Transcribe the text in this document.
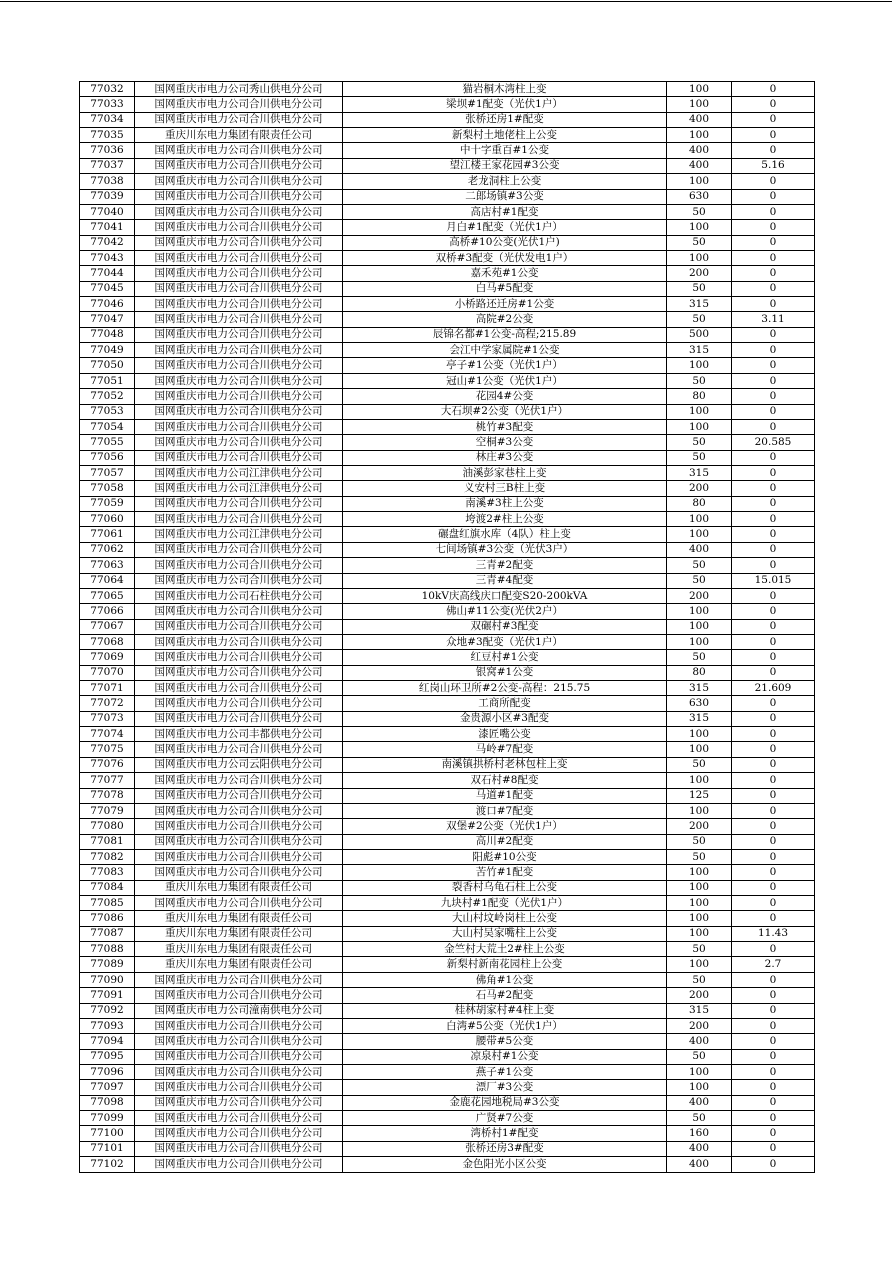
77032	国网重庆市电力公司秀山供电分公司	猫岩桐木湾柱上变	100	0
77033	国网重庆市电力公司合川供电分公司	梁坝#1配变（光伏1户）	100	0
77034	国网重庆市电力公司合川供电分公司	张桥还房1#配变	400	0
77035	重庆川东电力集团有限责任公司	新梨村土地佬柱上公变	100	0
77036	国网重庆市电力公司合川供电分公司	中十字重百#1公变	400	0
77037	国网重庆市电力公司合川供电分公司	望江楼王家花园#3公变	400	5.16
77038	国网重庆市电力公司合川供电分公司	老龙洞柱上公变	100	0
77039	国网重庆市电力公司合川供电分公司	二郎场镇#3公变	630	0
77040	国网重庆市电力公司合川供电分公司	高店村#1配变	50	0
77041	国网重庆市电力公司合川供电分公司	月白#1配变（光伏1户）	100	0
77042	国网重庆市电力公司合川供电分公司	高桥#10公变(光伏1户)	50	0
77043	国网重庆市电力公司合川供电分公司	双桥#3配变（光伏发电1户）	100	0
77044	国网重庆市电力公司合川供电分公司	嘉禾苑#1公变	200	0
77045	国网重庆市电力公司合川供电分公司	白马#5配变	50	0
77046	国网重庆市电力公司合川供电分公司	小桥路还迁房#1公变	315	0
77047	国网重庆市电力公司合川供电分公司	高院#2公变	50	3.11
77048	国网重庆市电力公司合川供电分公司	辰锦名都#1公变-高程;215.89	500	0
77049	国网重庆市电力公司合川供电分公司	会江中学家属院#1公变	315	0
77050	国网重庆市电力公司合川供电分公司	亭子#1公变（光伏1户）	100	0
77051	国网重庆市电力公司合川供电分公司	冠山#1公变（光伏1户）	50	0
77052	国网重庆市电力公司合川供电分公司	花园4#公变	80	0
77053	国网重庆市电力公司合川供电分公司	大石坝#2公变（光伏1户）	100	0
77054	国网重庆市电力公司合川供电分公司	桃竹#3配变	100	0
77055	国网重庆市电力公司合川供电分公司	空桐#3公变	50	20.585
77056	国网重庆市电力公司合川供电分公司	林庄#3公变	50	0
77057	国网重庆市电力公司江津供电分公司	油溪彭家巷柱上变	315	0
77058	国网重庆市电力公司江津供电分公司	义安村三B柱上变	200	0
77059	国网重庆市电力公司合川供电分公司	南溪#3柱上公变	80	0
77060	国网重庆市电力公司合川供电分公司	垮渡2#柱上公变	100	0
77061	国网重庆市电力公司江津供电分公司	碾盘红旗水库（4队）柱上变	100	0
77062	国网重庆市电力公司合川供电分公司	七间场镇#3公变（光伏3户）	400	0
77063	国网重庆市电力公司合川供电分公司	三青#2配变	50	0
77064	国网重庆市电力公司合川供电分公司	三青#4配变	50	15.015
77065	国网重庆市电力公司石柱供电分公司	10kV庆高线庆口配变S20-200kVA	200	0
77066	国网重庆市电力公司合川供电分公司	佛山#11公变(光伏2户）	100	0
77067	国网重庆市电力公司合川供电分公司	双碾村#3配变	100	0
77068	国网重庆市电力公司合川供电分公司	众地#3配变（光伏1户）	100	0
77069	国网重庆市电力公司合川供电分公司	红豆村#1公变	50	0
77070	国网重庆市电力公司合川供电分公司	银窝#1公变	80	0
77071	国网重庆市电力公司合川供电分公司	红岗山环卫所#2公变-高程：215.75	315	21.609
77072	国网重庆市电力公司合川供电分公司	工商所配变	630	0
77073	国网重庆市电力公司合川供电分公司	金贵源小区#3配变	315	0
77074	国网重庆市电力公司丰都供电分公司	漆匠嘴公变	100	0
77075	国网重庆市电力公司合川供电分公司	马岭#7配变	100	0
77076	国网重庆市电力公司云阳供电分公司	南溪镇拱桥村老林包柱上变	50	0
77077	国网重庆市电力公司合川供电分公司	双石村#8配变	100	0
77078	国网重庆市电力公司合川供电分公司	马道#1配变	125	0
77079	国网重庆市电力公司合川供电分公司	渡口#7配变	100	0
77080	国网重庆市电力公司合川供电分公司	双堡#2公变（光伏1户）	200	0
77081	国网重庆市电力公司合川供电分公司	高川#2配变	50	0
77082	国网重庆市电力公司合川供电分公司	阳彪#10公变	50	0
77083	国网重庆市电力公司合川供电分公司	苦竹#1配变	100	0
77084	重庆川东电力集团有限责任公司	裂香村乌龟石柱上公变	100	0
77085	国网重庆市电力公司合川供电分公司	九块村#1配变（光伏1户）	100	0
77086	重庆川东电力集团有限责任公司	大山村坟岭岗柱上公变	100	0
77087	重庆川东电力集团有限责任公司	大山村吴家嘴柱上公变	100	11.43
77088	重庆川东电力集团有限责任公司	金竺村大荒土2#柱上公变	50	0
77089	重庆川东电力集团有限责任公司	新梨村新南花园柱上公变	100	2.7
77090	国网重庆市电力公司合川供电分公司	佛角#1公变	50	0
77091	国网重庆市电力公司合川供电分公司	石马#2配变	200	0
77092	国网重庆市电力公司潼南供电分公司	桂林胡家村#4柱上变	315	0
77093	国网重庆市电力公司合川供电分公司	白湾#5公变（光伏1户）	200	0
77094	国网重庆市电力公司合川供电分公司	腰带#5公变	400	0
77095	国网重庆市电力公司合川供电分公司	凉泉村#1公变	50	0
77096	国网重庆市电力公司合川供电分公司	燕子#1公变	100	0
77097	国网重庆市电力公司合川供电分公司	漂厂#3公变	100	0
77098	国网重庆市电力公司合川供电分公司	金鹿花园地税局#3公变	400	0
77099	国网重庆市电力公司合川供电分公司	广贤#7公变	50	0
77100	国网重庆市电力公司合川供电分公司	湾桥村1#配变	160	0
77101	国网重庆市电力公司合川供电分公司	张桥还房3#配变	400	0
77102	国网重庆市电力公司合川供电分公司	金色阳光小区公变	400	0
